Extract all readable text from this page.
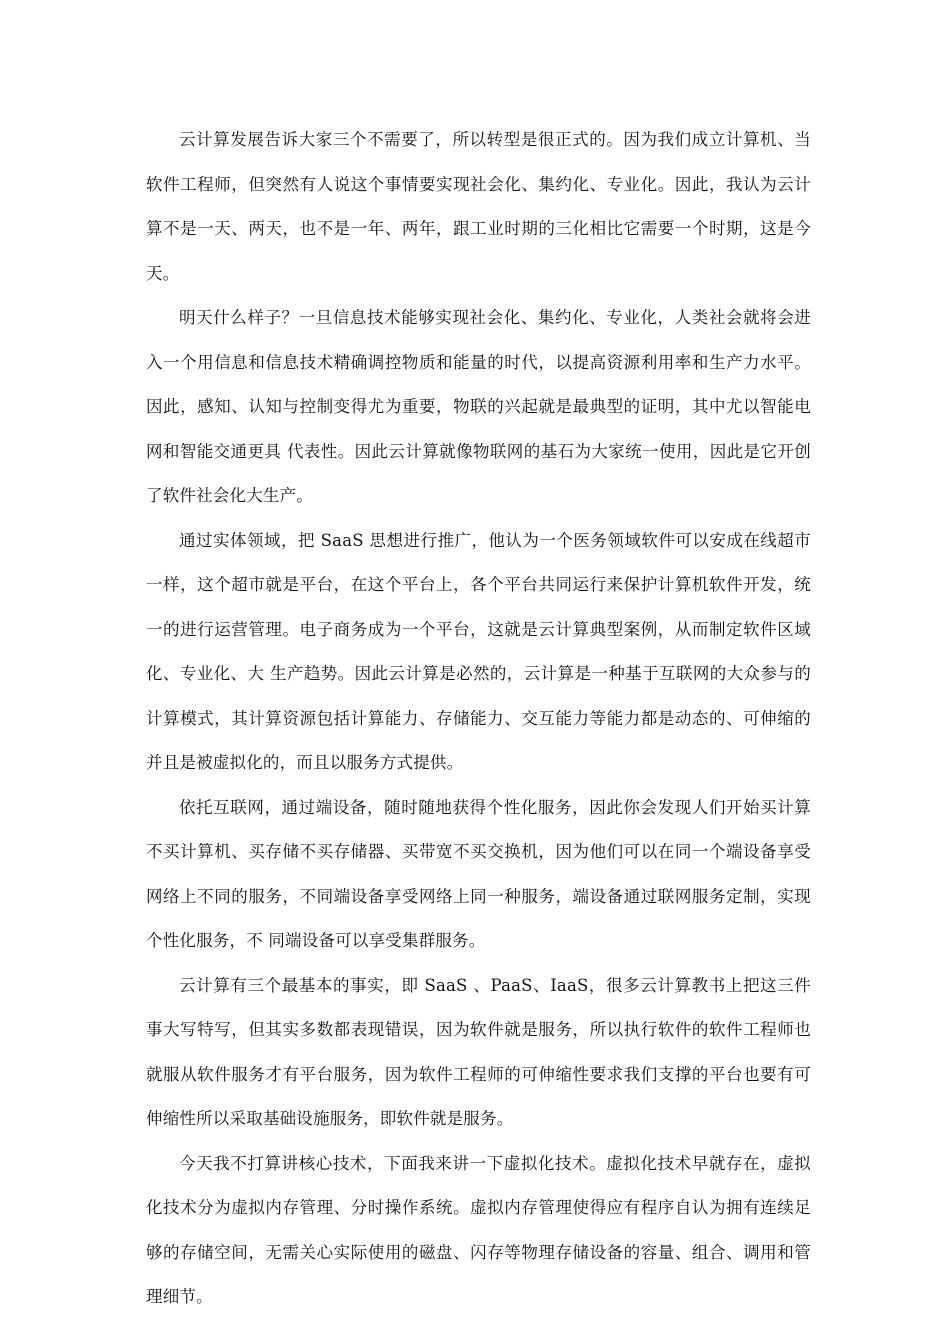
云计算发展告诉大家三个不需要了，所以转型是很正式的。因为我们成立计算机、当软件工程师，但突然有人说这个事情要实现社会化、集约化、专业化。因此，我认为云计算不是一天、两天，也不是一年、两年，跟工业时期的三化相比它需要一个时期，这是今天。

明天什么样子？一旦信息技术能够实现社会化、集约化、专业化，人类社会就将会进入一个用信息和信息技术精确调控物质和能量的时代，以提高资源利用率和生产力水平。因此，感知、认知与控制变得尤为重要，物联的兴起就是最典型的证明，其中尤以智能电网和智能交通更具 代表性。因此云计算就像物联网的基石为大家统一使用，因此是它开创了软件社会化大生产。

通过实体领域，把 SaaS 思想进行推广，他认为一个医务领域软件可以安成在线超市一样，这个超市就是平台，在这个平台上，各个平台共同运行来保护计算机软件开发，统一的进行运营管理。电子商务成为一个平台，这就是云计算典型案例，从而制定软件区域化、专业化、大 生产趋势。因此云计算是必然的，云计算是一种基于互联网的大众参与的计算模式，其计算资源包括计算能力、存储能力、交互能力等能力都是动态的、可伸缩的并且是被虚拟化的，而且以服务方式提供。

依托互联网，通过端设备，随时随地获得个性化服务，因此你会发现人们开始买计算不买计算机、买存储不买存储器、买带宽不买交换机，因为他们可以在同一个端设备享受网络上不同的服务，不同端设备享受网络上同一种服务，端设备通过联网服务定制，实现个性化服务，不 同端设备可以享受集群服务。

云计算有三个最基本的事实，即 SaaS 、PaaS、IaaS，很多云计算教书上把这三件事大写特写，但其实多数都表现错误，因为软件就是服务，所以执行软件的软件工程师也就服从软件服务才有平台服务，因为软件工程师的可伸缩性要求我们支撑的平台也要有可伸缩性所以采取基础设施服务，即软件就是服务。

今天我不打算讲核心技术，下面我来讲一下虚拟化技术。虚拟化技术早就存在，虚拟化技术分为虚拟内存管理、分时操作系统。虚拟内存管理使得应有程序自认为拥有连续足够的存储空间，无需关心实际使用的磁盘、闪存等物理存储设备的容量、组合、调用和管理细节。
